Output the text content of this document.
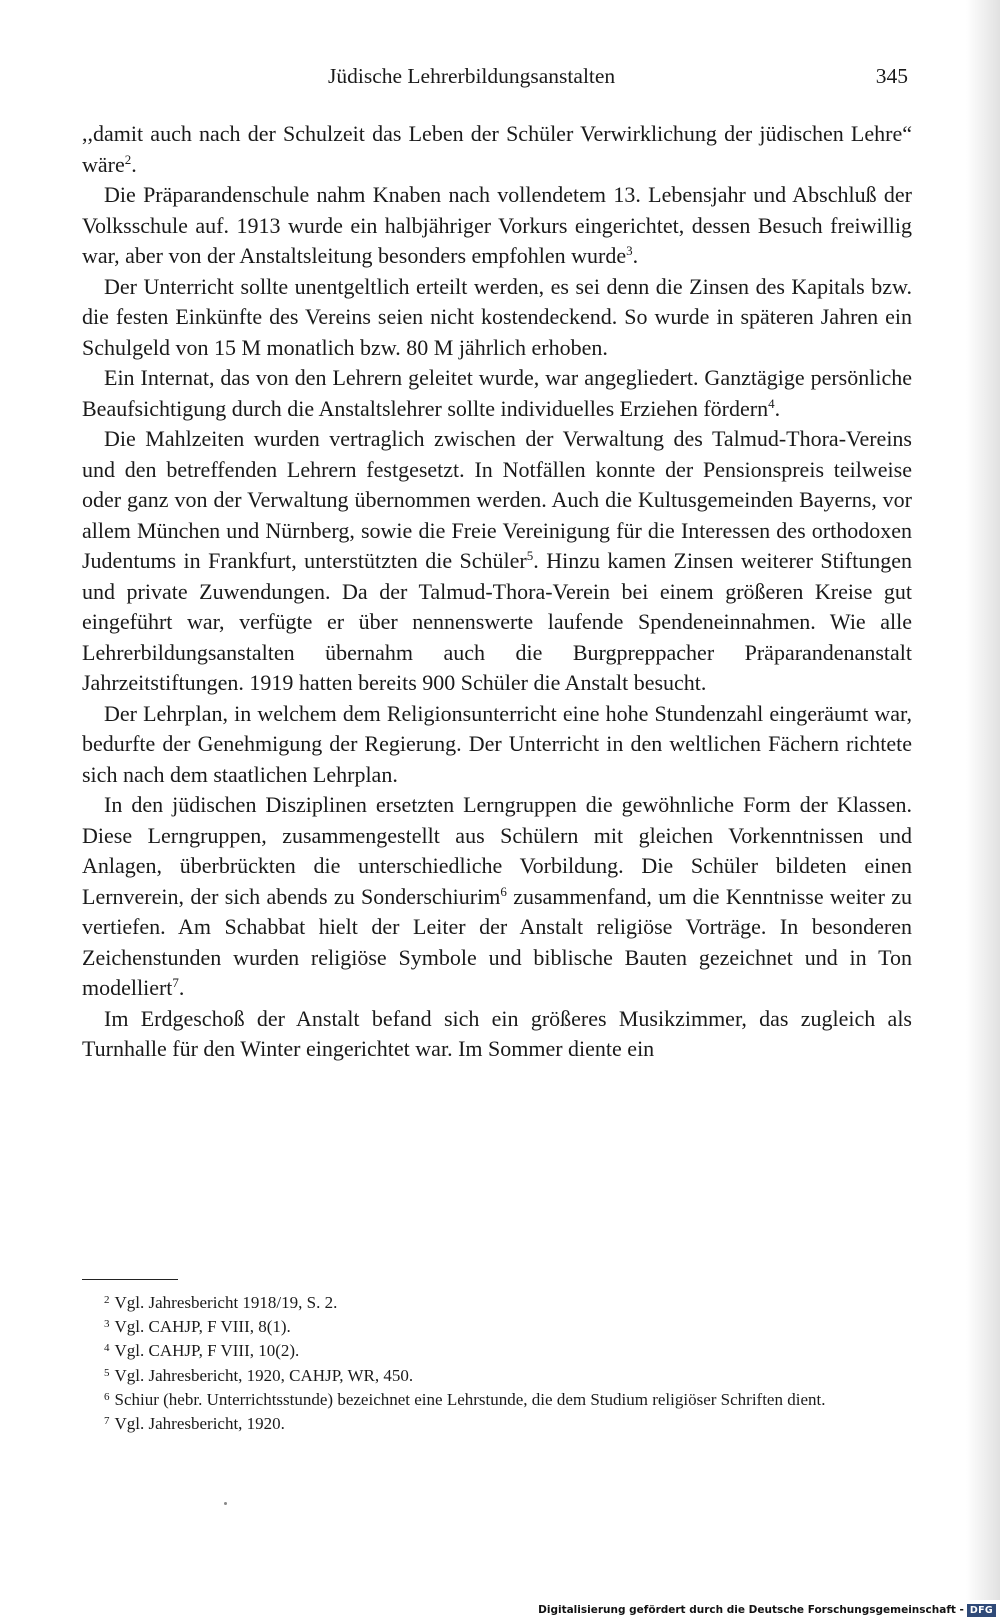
Jüdische Lehrerbildungsanstalten	345

,,damit auch nach der Schulzeit das Leben der Schüler Verwirklichung der jüdischen Lehre“ wäre$^2$.

Die Präparandenschule nahm Knaben nach vollendetem 13. Lebensjahr und Abschluß der Volksschule auf. 1913 wurde ein halbjähriger Vorkurs eingerichtet, dessen Besuch freiwillig war, aber von der Anstaltsleitung besonders empfohlen wurde$^3$.

Der Unterricht sollte unentgeltlich erteilt werden, es sei denn die Zinsen des Kapitals bzw. die festen Einkünfte des Vereins seien nicht kostendeckend. So wurde in späteren Jahren ein Schulgeld von 15 M monatlich bzw. 80 M jährlich erhoben.

Ein Internat, das von den Lehrern geleitet wurde, war angegliedert. Ganztägige persönliche Beaufsichtigung durch die Anstaltslehrer sollte individuelles Erziehen fördern$^4$.

Die Mahlzeiten wurden vertraglich zwischen der Verwaltung des Talmud-Thora-Vereins und den betreffenden Lehrern festgesetzt. In Notfällen konnte der Pensionspreis teilweise oder ganz von der Verwaltung übernommen werden. Auch die Kultusgemeinden Bayerns, vor allem München und Nürnberg, sowie die Freie Vereinigung für die Interessen des orthodoxen Judentums in Frankfurt, unterstützten die Schüler$^5$. Hinzu kamen Zinsen weiterer Stiftungen und private Zuwendungen. Da der Talmud-Thora-Verein bei einem größeren Kreise gut eingeführt war, verfügte er über nennenswerte laufende Spendeneinnahmen. Wie alle Lehrerbildungsanstalten übernahm auch die Burgpreppacher Präparandenanstalt Jahrzeitstiftungen. 1919 hatten bereits 900 Schüler die Anstalt besucht.

Der Lehrplan, in welchem dem Religionsunterricht eine hohe Stundenzahl eingeräumt war, bedurfte der Genehmigung der Regierung. Der Unterricht in den weltlichen Fächern richtete sich nach dem staatlichen Lehrplan.

In den jüdischen Disziplinen ersetzten Lerngruppen die gewöhnliche Form der Klassen. Diese Lerngruppen, zusammengestellt aus Schülern mit gleichen Vorkenntnissen und Anlagen, überbrückten die unterschiedliche Vorbildung. Die Schüler bildeten einen Lernverein, der sich abends zu Sonderschiurim$^6$ zusammenfand, um die Kenntnisse weiter zu vertiefen. Am Schabbat hielt der Leiter der Anstalt religiöse Vorträge. In besonderen Zeichenstunden wurden religiöse Symbole und biblische Bauten gezeichnet und in Ton modelliert$^7$.

Im Erdgeschoß der Anstalt befand sich ein größeres Musikzimmer, das zugleich als Turnhalle für den Winter eingerichtet war. Im Sommer diente ein

$^2$ Vgl. Jahresbericht 1918/19, S. 2.

$^3$ Vgl. CAHJP, F VIII, 8(1).

$^4$ Vgl. CAHJP, F VIII, 10(2).

$^5$ Vgl. Jahresbericht, 1920, CAHJP, WR, 450.

$^6$ Schiur (hebr. Unterrichtsstunde) bezeichnet eine Lehrstunde, die dem Studium religiöser Schriften dient.

$^7$ Vgl. Jahresbericht, 1920.

Digitalisierung gefördert durch die Deutsche Forschungsgemeinschaft - DFG
